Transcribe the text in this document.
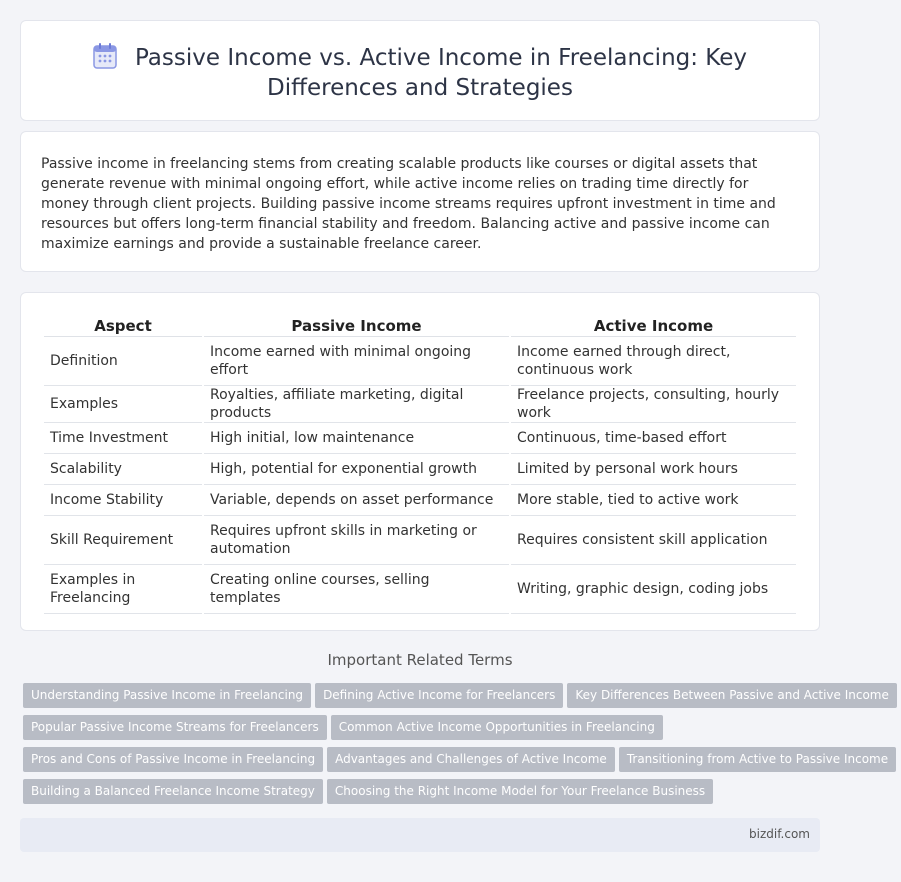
Passive Income vs. Active Income in Freelancing: Key Differences and Strategies

Passive income in freelancing stems from creating scalable products like courses or digital assets that generate revenue with minimal ongoing effort, while active income relies on trading time directly for money through client projects. Building passive income streams requires upfront investment in time and resources but offers long-term financial stability and freedom. Balancing active and passive income can maximize earnings and provide a sustainable freelance career.

Aspect	Passive Income	Active Income
Definition	Income earned with minimal ongoing effort	Income earned through direct, continuous work
Examples	Royalties, affiliate marketing, digital products	Freelance projects, consulting, hourly work
Time Investment	High initial, low maintenance	Continuous, time-based effort
Scalability	High, potential for exponential growth	Limited by personal work hours
Income Stability	Variable, depends on asset performance	More stable, tied to active work
Skill Requirement	Requires upfront skills in marketing or automation	Requires consistent skill application
Examples in Freelancing	Creating online courses, selling templates	Writing, graphic design, coding jobs
Important Related Terms
Understanding Passive Income in Freelancing Defining Active Income for Freelancers Key Differences Between Passive and Active Income
Popular Passive Income Streams for Freelancers Common Active Income Opportunities in Freelancing
Pros and Cons of Passive Income in Freelancing Advantages and Challenges of Active Income Transitioning from Active to Passive Income
Building a Balanced Freelance Income Strategy Choosing the Right Income Model for Your Freelance Business
bizdif.com
